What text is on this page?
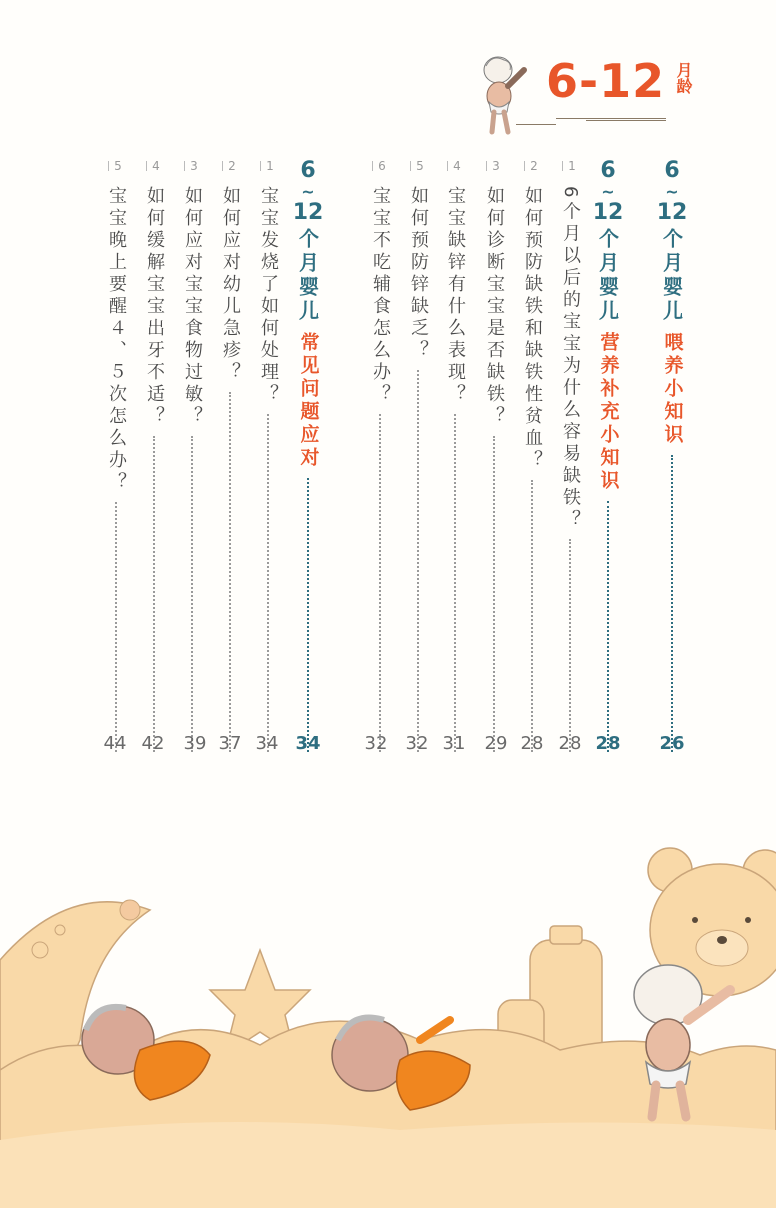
6-12 月龄
6
~
12
个月婴儿
喂养小知识
26
6
~
12
个月婴儿
营养补充小知识
28
1
6个月以后的宝宝为什么容易缺铁？
28
2
如何预防缺铁和缺铁性贫血？
28
3
如何诊断宝宝是否缺铁？
29
4
宝宝缺锌有什么表现？
31
5
如何预防锌缺乏？
32
6
宝宝不吃辅食怎么办？
32
6
~
12
个月婴儿
常见问题应对
34
1
宝宝发烧了如何处理？
34
2
如何应对幼儿急疹？
37
3
如何应对宝宝食物过敏？
39
4
如何缓解宝宝出牙不适？
42
5
宝宝晚上要醒４、５次怎么办？
44
